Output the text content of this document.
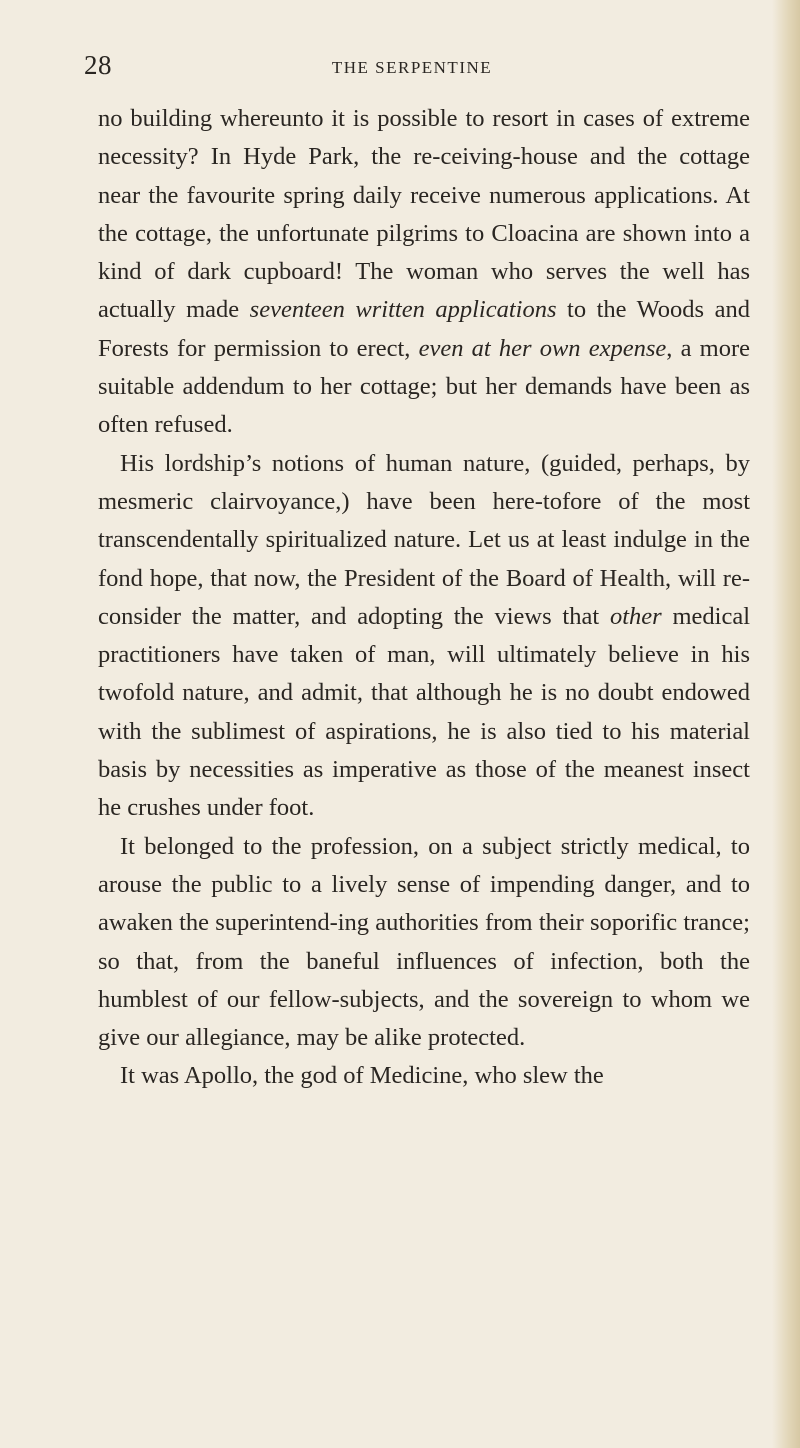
28	THE SERPENTINE

no building whereunto it is possible to resort in cases of extreme necessity? In Hyde Park, the re-ceiving-house and the cottage near the favourite spring daily receive numerous applications. At the cottage, the unfortunate pilgrims to Cloacina are shown into a kind of dark cupboard! The woman who serves the well has actually made seventeen written applications to the Woods and Forests for permission to erect, even at her own expense, a more suitable addendum to her cottage; but her demands have been as often refused.

His lordship’s notions of human nature, (guided, perhaps, by mesmeric clairvoyance,) have been here-tofore of the most transcendentally spiritualized nature. Let us at least indulge in the fond hope, that now, the President of the Board of Health, will re-consider the matter, and adopting the views that other medical practitioners have taken of man, will ultimately believe in his twofold nature, and admit, that although he is no doubt endowed with the sublimest of aspirations, he is also tied to his material basis by necessities as imperative as those of the meanest insect he crushes under foot.

It belonged to the profession, on a subject strictly medical, to arouse the public to a lively sense of impending danger, and to awaken the superintend-ing authorities from their soporific trance; so that, from the baneful influences of infection, both the humblest of our fellow-subjects, and the sovereign to whom we give our allegiance, may be alike protected.

It was Apollo, the god of Medicine, who slew the
